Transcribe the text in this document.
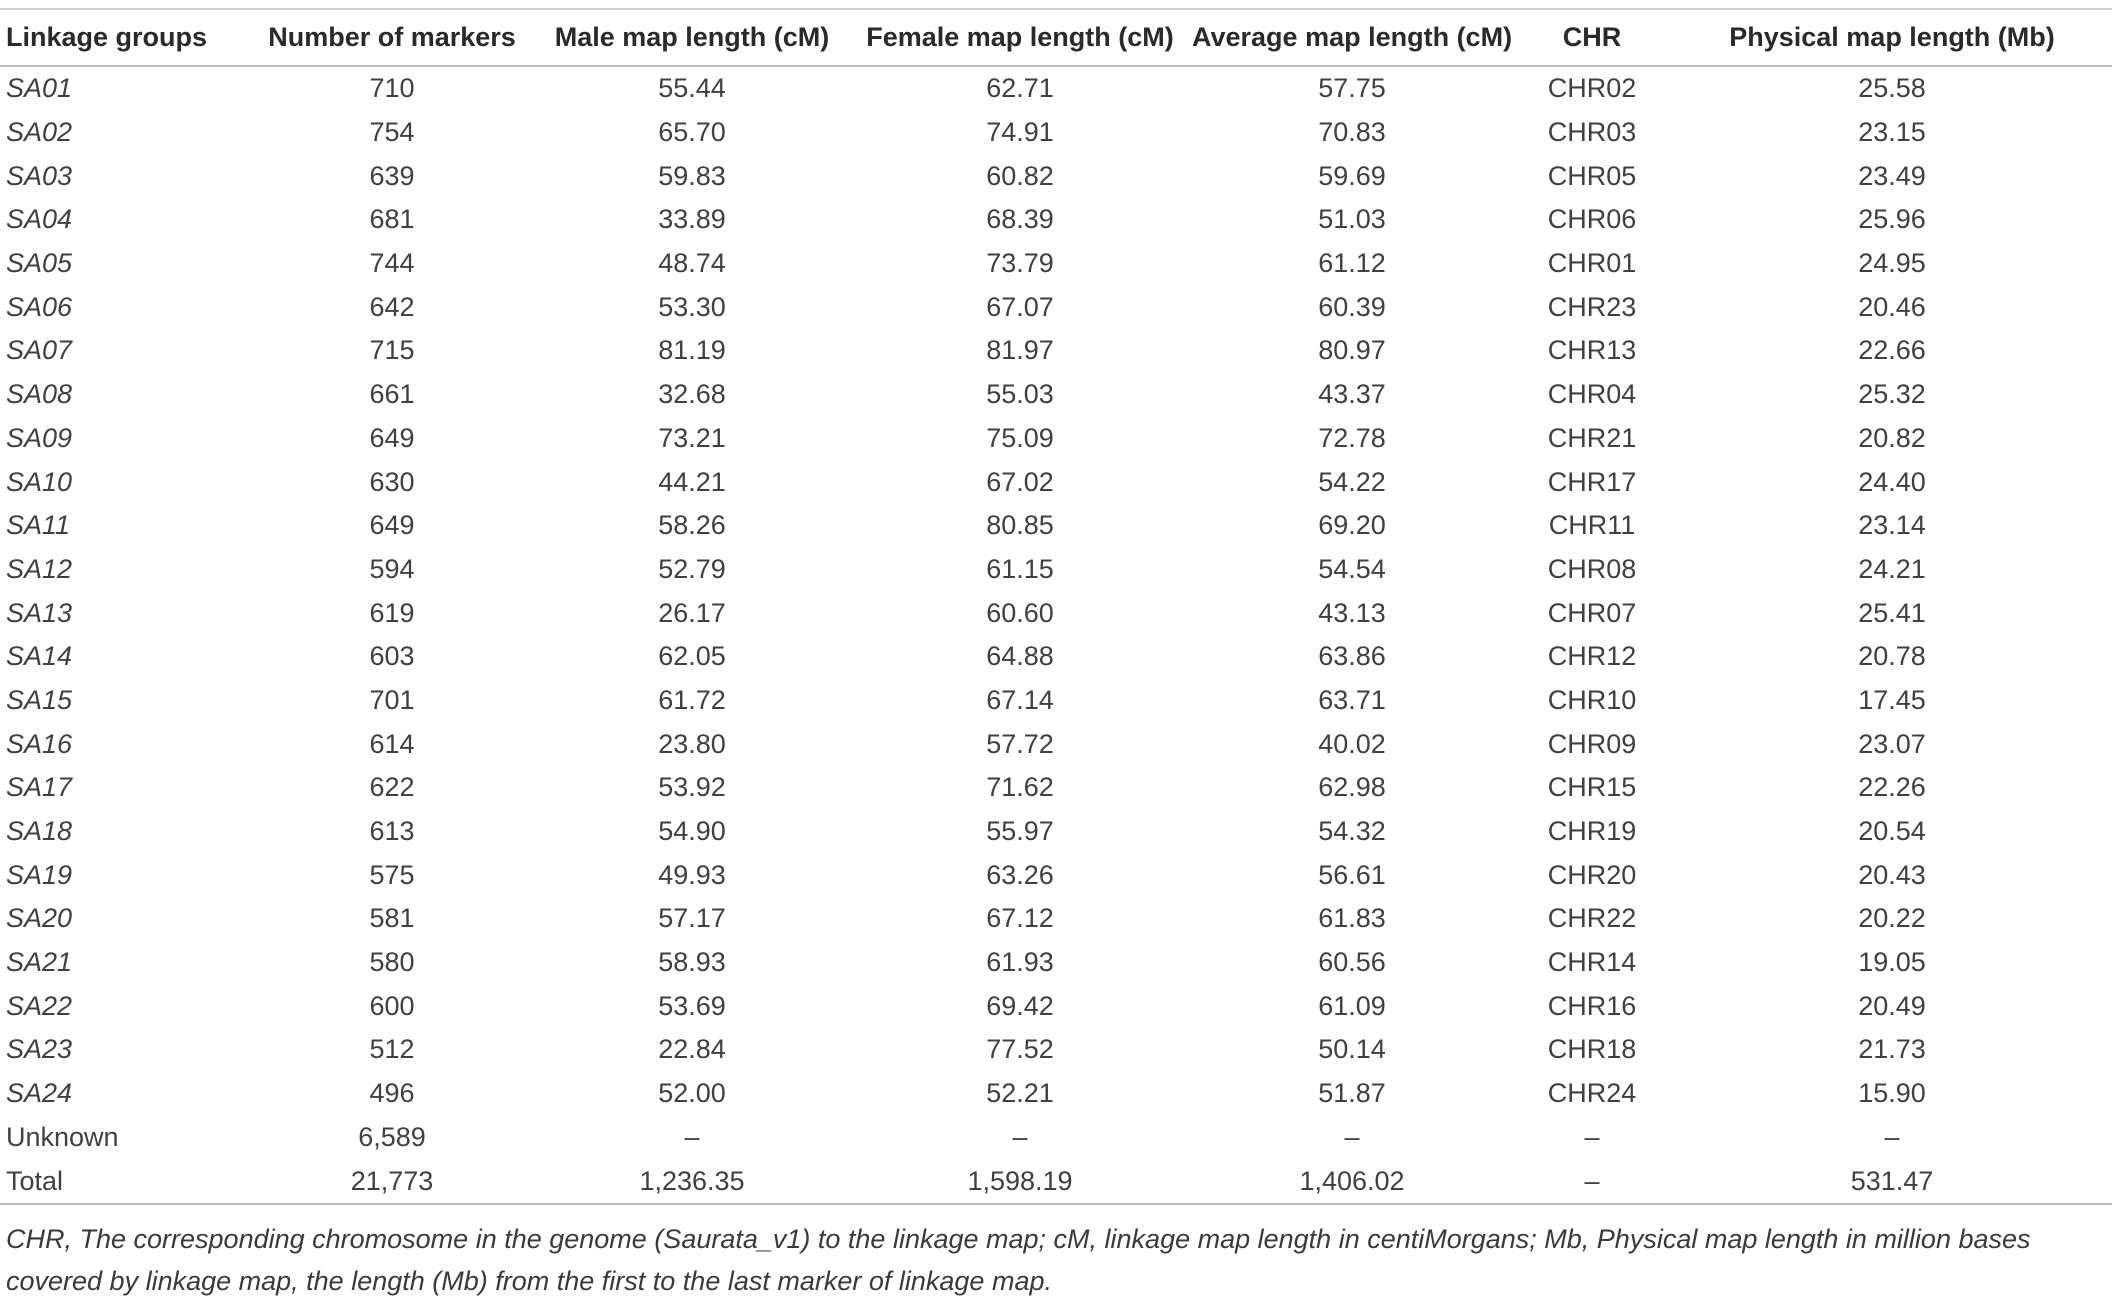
Linkage groups	Number of markers	Male map length (cM)	Female map length (cM)	Average map length (cM)	CHR	Physical map length (Mb)
SA01	710	55.44	62.71	57.75	CHR02	25.58
SA02	754	65.70	74.91	70.83	CHR03	23.15
SA03	639	59.83	60.82	59.69	CHR05	23.49
SA04	681	33.89	68.39	51.03	CHR06	25.96
SA05	744	48.74	73.79	61.12	CHR01	24.95
SA06	642	53.30	67.07	60.39	CHR23	20.46
SA07	715	81.19	81.97	80.97	CHR13	22.66
SA08	661	32.68	55.03	43.37	CHR04	25.32
SA09	649	73.21	75.09	72.78	CHR21	20.82
SA10	630	44.21	67.02	54.22	CHR17	24.40
SA11	649	58.26	80.85	69.20	CHR11	23.14
SA12	594	52.79	61.15	54.54	CHR08	24.21
SA13	619	26.17	60.60	43.13	CHR07	25.41
SA14	603	62.05	64.88	63.86	CHR12	20.78
SA15	701	61.72	67.14	63.71	CHR10	17.45
SA16	614	23.80	57.72	40.02	CHR09	23.07
SA17	622	53.92	71.62	62.98	CHR15	22.26
SA18	613	54.90	55.97	54.32	CHR19	20.54
SA19	575	49.93	63.26	56.61	CHR20	20.43
SA20	581	57.17	67.12	61.83	CHR22	20.22
SA21	580	58.93	61.93	60.56	CHR14	19.05
SA22	600	53.69	69.42	61.09	CHR16	20.49
SA23	512	22.84	77.52	50.14	CHR18	21.73
SA24	496	52.00	52.21	51.87	CHR24	15.90
Unknown	6,589	–	–	–	–	–
Total	21,773	1,236.35	1,598.19	1,406.02	–	531.47
CHR, The corresponding chromosome in the genome (Saurata_v1) to the linkage map; cM, linkage map length in centiMorgans; Mb, Physical map length in million bases
covered by linkage map, the length (Mb) from the first to the last marker of linkage map.
